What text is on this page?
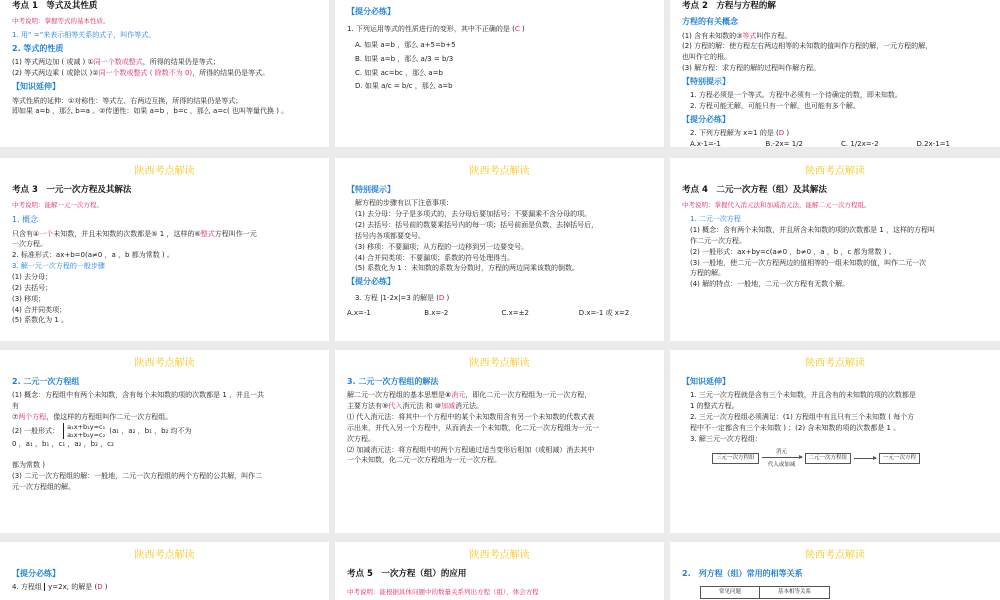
考点 1　等式及其性质
中考说明：掌握等式的基本性质。
1. 用“ =”来表示相等关系的式子，叫作等式。
2. 等式的性质
(1) 等式两边加 ( 或减 ) ①同一个数或整式，所得的结果仍是等式；
(2) 等式两边乘 ( 或除以 )②同一个数或整式 ( 除数不为 0)，所得的结果仍是等式。
【知识延伸】
等式性质的延伸：①对称性：等式左、右两边互换，所得的结果仍是等式；
即如果 a=b ，那么 b=a 。②传递性：如果 a=b ，b=c ，那么 a=c( 也叫等量代换 ) 。
【提分必练】
1. 下列运用等式的性质进行的变形，其中不正确的是 (C )
A. 如果 a=b ，那么 a+5=b+5
B. 如果 a=b ，那么 a/3 = b/3
C. 如果 ac=bc ，那么 a=b
D. 如果 a/c = b/c ，那么 a=b
考点 2　方程与方程的解
方程的有关概念
(1) 含有未知数的③等式叫作方程。
(2) 方程的解：使方程左右两边相等的未知数的值叫作方程的解，一元方程的解，
也叫作它的根。
(3) 解方程：求方程的解的过程叫作解方程。
【特别提示】
1. 方程必须是一个等式。方程中必须有一个待确定的数，即未知数。
2. 方程可能无解，可能只有一个解，也可能有多个解。
【提分必练】
2. 下列方程解为 x=1 的是 (D )
A.x-1=-1	B.-2x= 1/2	C. 1/2x=-2	D.2x-1=1
陕西考点解读
考点 3　一元一次方程及其解法
中考说明：能解一元一次方程。
1. 概念
只含有④一个未知数，并且未知数的次数都是⑤ 1 ，这样的⑥整式方程叫作一元
一次方程。
2. 标准形式：ax+b=0(a≠0 ，a ，b 都为常数 ) 。
3. 解一元一次方程的一般步骤
(1) 去分母；
(2) 去括号；
(3) 移项；
(4) 合并同类项；
(5) 系数化为 1 。
陕西考点解读
【特别提示】
解方程的步骤有以下注意事项：
(1) 去分母：分子是多项式的，去分母后要加括号；不要漏乘不含分母的项。
(2) 去括号：括号前的数要乘括号内的每一项；括号前面是负数，去掉括号后，
括号内各项都要变号。
(3) 移项：不要漏项；从方程的一边移到另一边要变号。
(4) 合并同类项：不要漏项；系数的符号处理得当。
(5) 系数化为 1 ：未知数的系数为分数时，方程的两边同乘该数的倒数。
【提分必练】
3. 方程 |1-2x|=3 的解是 (D )
A.x=-1	B.x=-2	C.x=±2	D.x=-1 或 x=2
陕西考点解读
考点 4　二元一次方程（组）及其解法
中考说明：掌握代入消元法和加减消元法，能解二元一次方程组。
1. 二元一次方程
(1) 概念：含有两个未知数，并且所含未知数的项的次数都是 1 ，这样的方程叫
作二元一次方程。
(2) 一般形式：ax+by=c(a≠0 ，b≠0 ，a ，b ，c 都为常数 ) 。
(3) 一般地，使二元一次方程两边的值相等的一组未知数的值，叫作二元一次
方程的解。
(4) 解的特点：一般地，二元一次方程有无数个解。
陕西考点解读
2. 二元一次方程组
(1) 概念：方程组中有两个未知数，含有每个未知数的项的次数都是 1 ，并且一共
有
⑦两个方程，像这样的方程组叫作二元一次方程组。
(2) 一般形式： a₁x+b₁y=c₁
a₂x+b₂y=c₂
(a₁ ，a₂ ，b₁ ，b₂ 均不为
0 ，a₁ ，b₁ ，c₁ ，a₂ ，b₂ ，c₂
都为常数 )
(3) 二元一次方程组的解：一般地，二元一次方程组的两个方程的公共解，叫作二
元一次方程组的解。
陕西考点解读
3. 二元一次方程组的解法
解二元一次方程组的基本思想是⑧消元，即化二元一次方程组为一元一次方程，
主要方法有⑨代入消元法 和 ⑩加减消元法。
⑴ 代入消元法：将其中一个方程中的某个未知数用含有另一个未知数的代数式表
示出来，并代入另一个方程中，从而消去一个未知数，化二元一次方程组为一元一
次方程。
⑵ 加减消元法：将方程组中的两个方程通过适当变形后相加（或相减）消去其中
一个未知数，化二元一次方程组为一元一次方程。
陕西考点解读
【知识延伸】
1. 三元一次方程就是含有三个未知数，并且含有的未知数的项的次数都是
1 的整式方程。
2. 三元一次方程组必须满足：(1) 方程组中有且只有三个未知数 ( 每个方
程中不一定都含有三个未知数 ) ；(2) 含未知数的项的次数都是 1 。
3. 解三元一次方程组：
三元一次方程组
消元
代入或加减
二元一次方程组	一元一次方程
陕西考点解读
【提分必练】
4. 方程组 y=2x, 的解是 (D )
陕西考点解读
考点 5　一次方程（组）的应用
中考说明：能根据具体问题中的数量关系列出方程（组），体会方程
陕西考点解读
2.　列方程（组）常用的相等关系
常见问题	基本相等关系
